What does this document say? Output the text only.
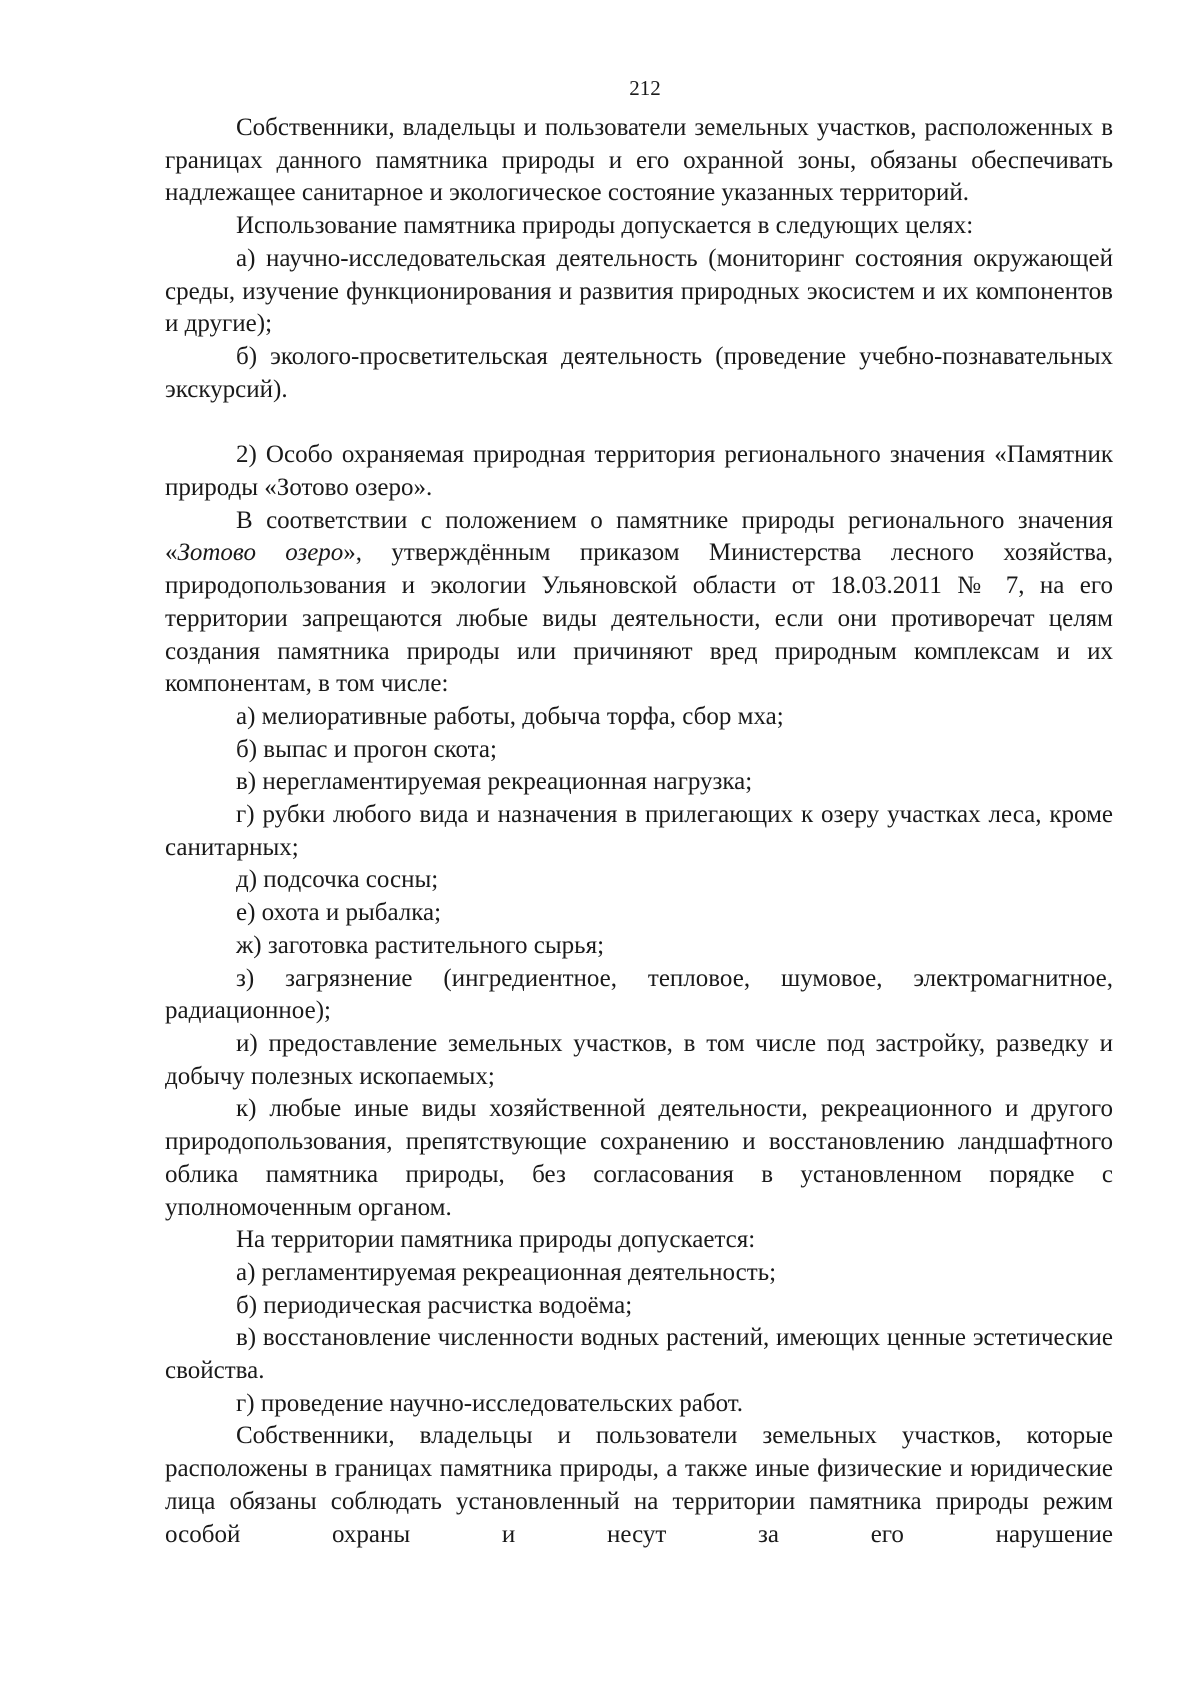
212

Собственники, владельцы и пользователи земельных участков, расположенных в границах данного памятника природы и его охранной зоны, обязаны обеспечивать надлежащее санитарное и экологическое состояние указанных территорий.

Использование памятника природы допускается в следующих целях:

а) научно-исследовательская деятельность (мониторинг состояния окружающей среды, изучение функционирования и развития природных экосистем и их компонентов и другие);

б) эколого-просветительская деятельность (проведение учебно-познавательных экскурсий).

2) Особо охраняемая природная территория регионального значения «Памятник природы «Зотово озеро».

В соответствии с положением о памятнике природы регионального значения «Зотово озеро», утверждённым приказом Министерства лесного хозяйства, природопользования и экологии Ульяновской области от 18.03.2011 № 7, на его территории запрещаются любые виды деятельности, если они противоречат целям создания памятника природы или причиняют вред природным комплексам и их компонентам, в том числе:

а) мелиоративные работы, добыча торфа, сбор мха;

б) выпас и прогон скота;

в) нерегламентируемая рекреационная нагрузка;

г) рубки любого вида и назначения в прилегающих к озеру участках леса, кроме санитарных;

д) подсочка сосны;

е) охота и рыбалка;

ж) заготовка растительного сырья;

з) загрязнение (ингредиентное, тепловое, шумовое, электромагнитное, радиационное);

и) предоставление земельных участков, в том числе под застройку, разведку и добычу полезных ископаемых;

к) любые иные виды хозяйственной деятельности, рекреационного и другого природопользования, препятствующие сохранению и восстановлению ландшафтного облика памятника природы, без согласования в установленном порядке с уполномоченным органом.

На территории памятника природы допускается:

а) регламентируемая рекреационная деятельность;

б) периодическая расчистка водоёма;

в) восстановление численности водных растений, имеющих ценные эстетические свойства.

г) проведение научно-исследовательских работ.

Собственники, владельцы и пользователи земельных участков, которые расположены в границах памятника природы, а также иные физические и юридические лица обязаны соблюдать установленный на территории памятника природы режим особой охраны и несут за его нарушение
